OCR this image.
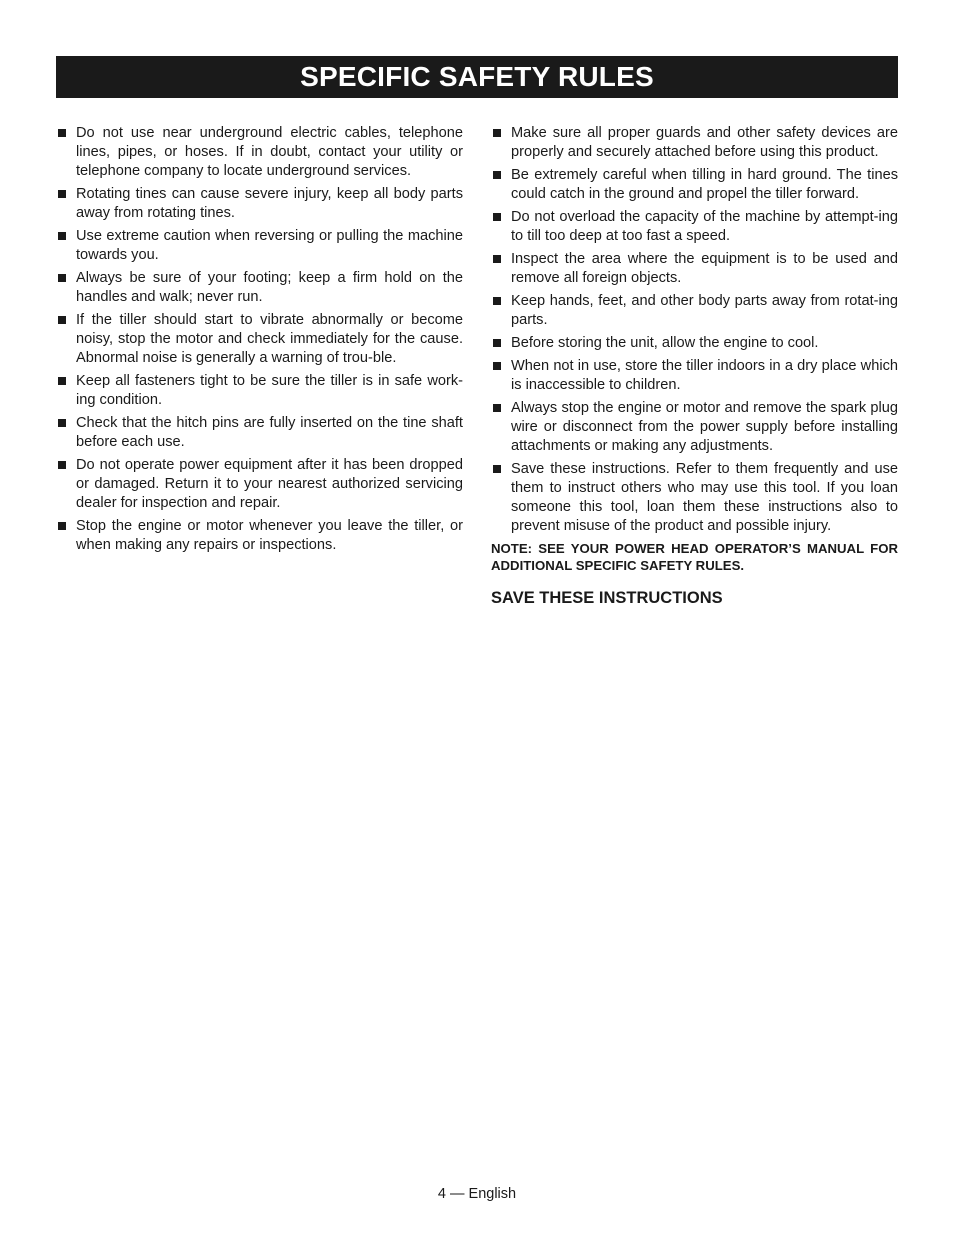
SPECIFIC SAFETY RULES
Do not use near underground electric cables, telephone lines, pipes, or hoses. If in doubt, contact your utility or telephone company to locate underground services.
Rotating tines can cause severe injury, keep all body parts away from rotating tines.
Use extreme caution when reversing or pulling the machine towards you.
Always be sure of your footing; keep a firm hold on the handles and walk; never run.
If the tiller should start to vibrate abnormally or become noisy, stop the motor and check immediately for the cause. Abnormal noise is generally a warning of trou-ble.
Keep all fasteners tight to be sure the tiller is in safe work-ing condition.
Check that the hitch pins are fully inserted on the tine shaft before each use.
Do not operate power equipment after it has been dropped or damaged. Return it to your nearest authorized servicing dealer for inspection and repair.
Stop the engine or motor whenever you leave the tiller, or when making any repairs or inspections.
Make sure all proper guards and other safety devices are properly and securely attached before using this product.
Be extremely careful when tilling in hard ground. The tines could catch in the ground and propel the tiller forward.
Do not overload the capacity of the machine by attempt-ing to till too deep at too fast a speed.
Inspect the area where the equipment is to be used and remove all foreign objects.
Keep hands, feet, and other body parts away from rotat-ing parts.
Before storing the unit, allow the engine to cool.
When not in use, store the tiller indoors in a dry place which is inaccessible to children.
Always stop the engine or motor and remove the spark plug wire or disconnect from the power supply before installing attachments or making any adjustments.
Save these instructions. Refer to them frequently and use them to instruct others who may use this tool. If you loan someone this tool, loan them these instructions also to prevent misuse of the product and possible injury.
NOTE: SEE YOUR POWER HEAD OPERATOR’S MANUAL FOR ADDITIONAL SPECIFIC SAFETY RULES.
SAVE THESE INSTRUCTIONS
4 — English
